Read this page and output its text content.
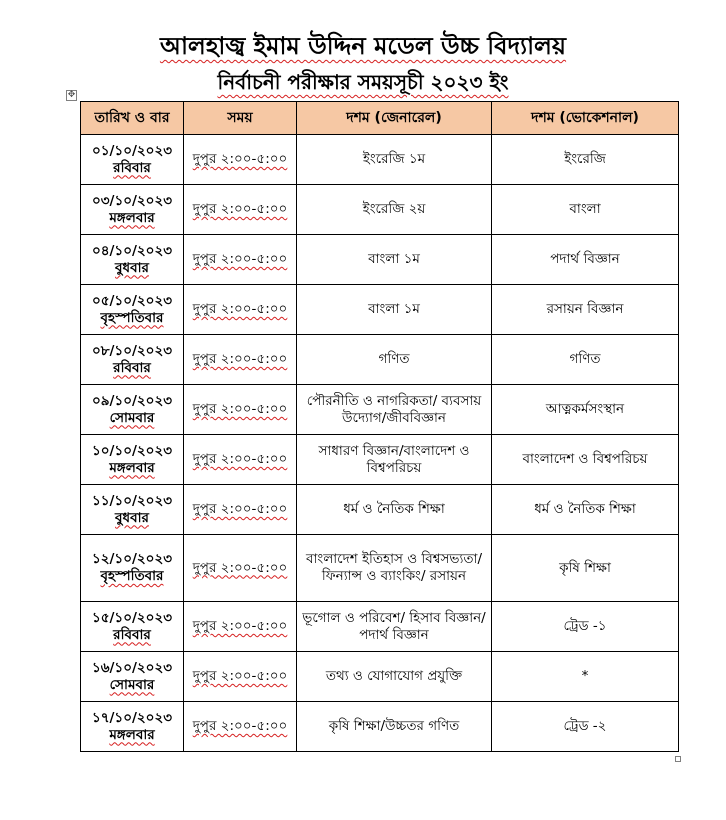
আলহাজ্ব ইমাম উদ্দিন মডেল উচ্চ বিদ্যালয়
নির্বাচনী পরীক্ষার সময়সূচী ২০২৩ ইং
✥
তারিখ ও বার	সময়	দশম (জেনারেল)	দশম (ভোকেশনাল)

০১/১০/২০২৩
রবিবার	দুপুর ২:০০-৫:০০	ইংরেজি ১ম	ইংরেজি

০৩/১০/২০২৩
মঙ্গলবার	দুপুর ২:০০-৫:০০	ইংরেজি ২য়	বাংলা

০৪/১০/২০২৩
বুধবার	দুপুর ২:০০-৫:০০	বাংলা ১ম	পদার্থ বিজ্ঞান

০৫/১০/২০২৩
বৃহস্পতিবার	দুপুর ২:০০-৫:০০	বাংলা ১ম	রসায়ন বিজ্ঞান

০৮/১০/২০২৩
রবিবার	দুপুর ২:০০-৫:০০	গণিত	গণিত

০৯/১০/২০২৩
সোমবার	দুপুর ২:০০-৫:০০	পৌরনীতি ও নাগরিকতা/ ব্যবসায় উদ্যোগ/জীববিজ্ঞান	আত্নকর্মসংস্থান

১০/১০/২০২৩
মঙ্গলবার	দুপুর ২:০০-৫:০০	সাধারণ বিজ্ঞান/বাংলাদেশ ও বিশ্বপরিচয়	বাংলাদেশ ও বিশ্বপরিচয়

১১/১০/২০২৩
বুধবার	দুপুর ২:০০-৫:০০	ধর্ম ও নৈতিক শিক্ষা	ধর্ম ও নৈতিক শিক্ষা

১২/১০/২০২৩
বৃহস্পতিবার	দুপুর ২:০০-৫:০০	বাংলাদেশ ইতিহাস ও বিশ্বসভ্যতা/ফিন্যান্স ও ব্যাংকিং/ রসায়ন	কৃষি শিক্ষা

১৫/১০/২০২৩
রবিবার	দুপুর ২:০০-৫:০০	ভূগোল ও পরিবেশ/ হিসাব বিজ্ঞান/পদার্থ বিজ্ঞান	ট্রেড -১

১৬/১০/২০২৩
সোমবার	দুপুর ২:০০-৫:০০	তথ্য ও যোগাযোগ প্রযুক্তি	*

১৭/১০/২০২৩
মঙ্গলবার	দুপুর ২:০০-৫:০০	কৃষি শিক্ষা/উচ্চতর গণিত	ট্রেড -২
